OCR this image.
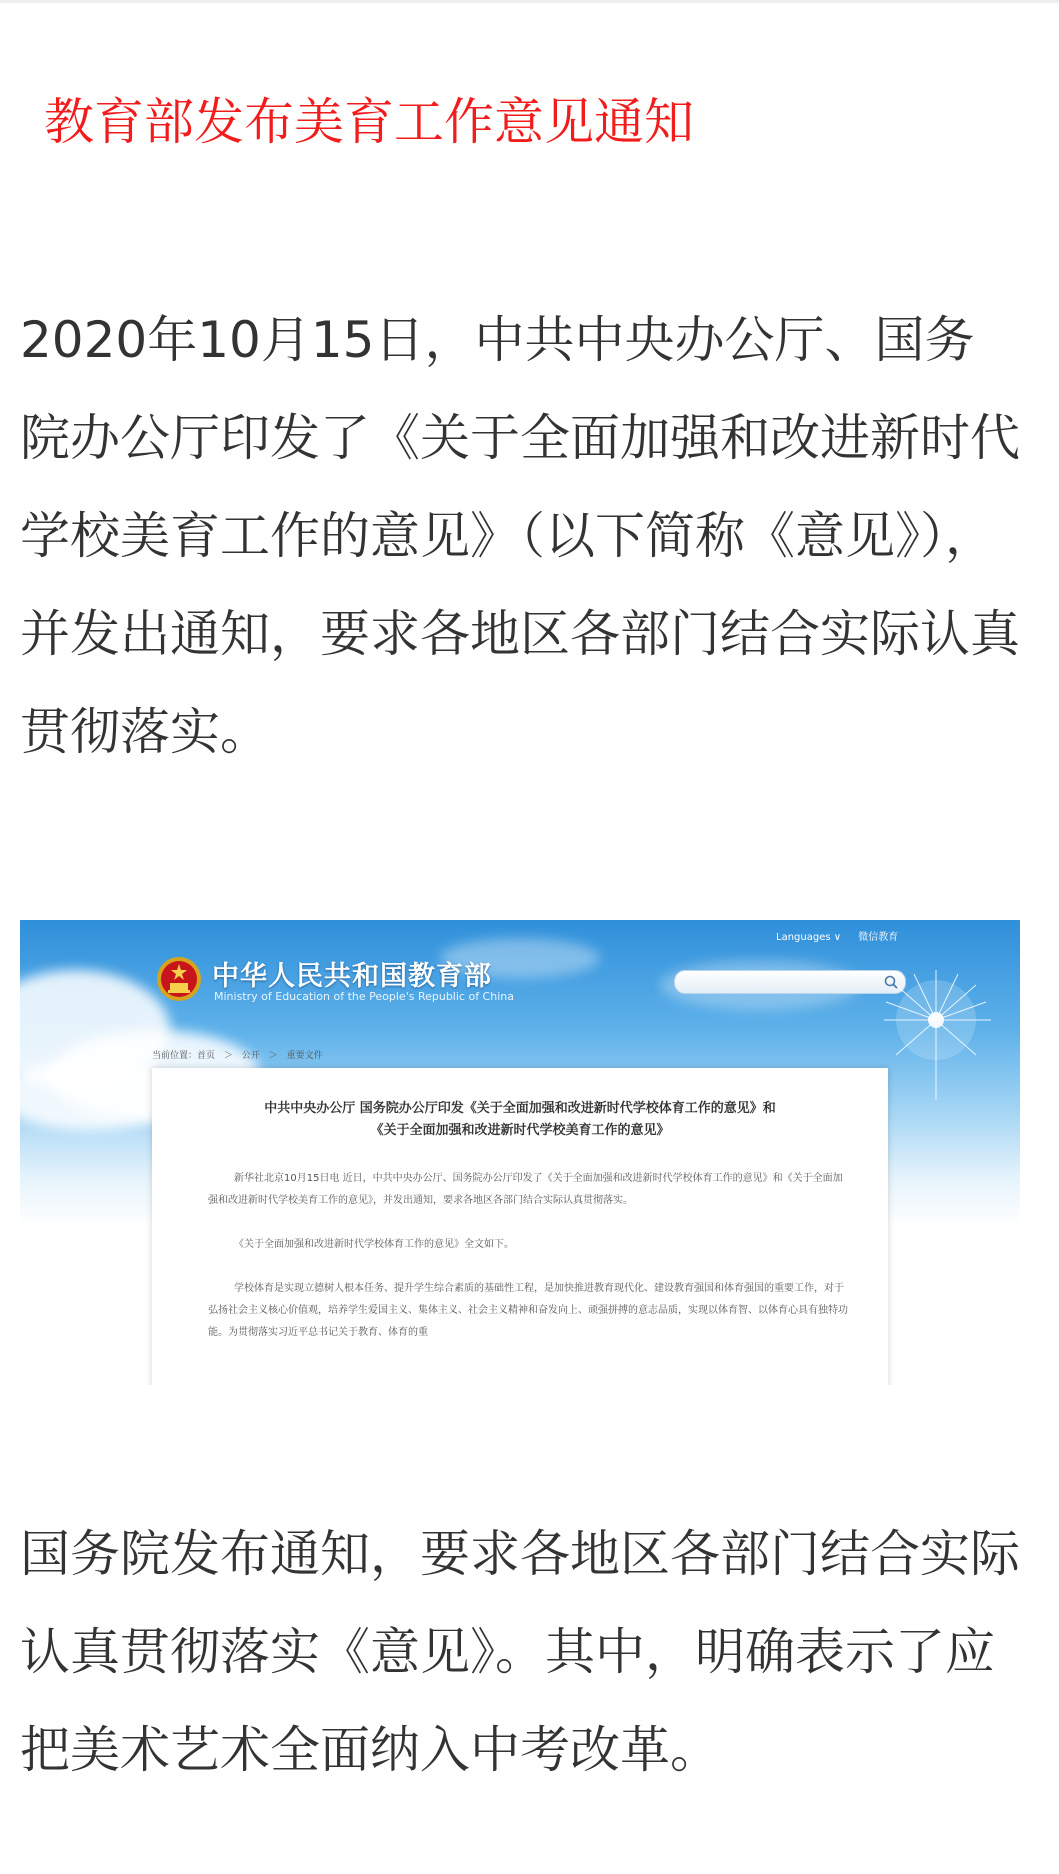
教育部发布美育工作意见通知

2020年10月15日，中共中央办公厅、国务院办公厅印发了《关于全面加强和改进新时代学校美育工作的意见》（以下简称《意见》），并发出通知，要求各地区各部门结合实际认真贯彻落实。

中华人民共和国教育部
Ministry of Education of the People's Republic of China
Languages ∨ 微信教育
当前位置：首页 ＞ 公开 ＞ 重要文件
中共中央办公厅 国务院办公厅印发《关于全面加强和改进新时代学校体育工作的意见》和
《关于全面加强和改进新时代学校美育工作的意见》

新华社北京10月15日电 近日，中共中央办公厅、国务院办公厅印发了《关于全面加强和改进新时代学校体育工作的意见》和《关于全面加强和改进新时代学校美育工作的意见》，并发出通知，要求各地区各部门结合实际认真贯彻落实。

《关于全面加强和改进新时代学校体育工作的意见》全文如下。

学校体育是实现立德树人根本任务、提升学生综合素质的基础性工程，是加快推进教育现代化、建设教育强国和体育强国的重要工作，对于弘扬社会主义核心价值观，培养学生爱国主义、集体主义、社会主义精神和奋发向上、顽强拼搏的意志品质，实现以体育智、以体育心具有独特功能。为贯彻落实习近平总书记关于教育、体育的重

国务院发布通知，要求各地区各部门结合实际认真贯彻落实《意见》。其中，明确表示了应把美术艺术全面纳入中考改革。
